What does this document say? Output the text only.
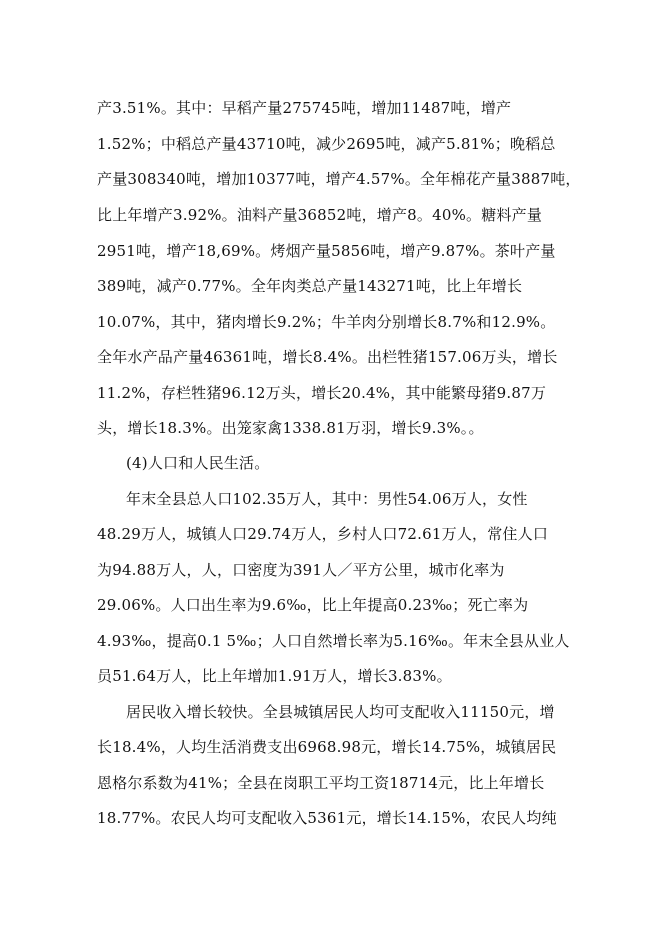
产3.51%。其中：早稻产量275745吨，增加11487吨，增产
1.52%；中稻总产量43710吨，减少2695吨，减产5.81%；晚稻总
产量308340吨，增加10377吨，增产4.57%。全年棉花产量3887吨，
比上年增产3.92%。油料产量36852吨，增产8。40%。糖料产量
2951吨，增产18,69%。烤烟产量5856吨，增产9.87%。茶叶产量
389吨，减产0.77%。全年肉类总产量143271吨，比上年增长
10.07%，其中，猪肉增长9.2%；牛羊肉分别增长8.7%和12.9%。
全年水产品产量46361吨，增长8.4%。出栏牲猪157.06万头，增长
11.2%，存栏牲猪96.12万头，增长20.4%，其中能繁母猪9.87万
头，增长18.3%。出笼家禽1338.81万羽，增长9.3%。。
(4)人口和人民生活。
年末全县总人口102.35万人，其中：男性54.06万人，女性
48.29万人，城镇人口29.74万人，乡村人口72.61万人，常住人口
为94.88万人，人，口密度为391人／平方公里，城市化率为
29.06%。人口出生率为9.6‰，比上年提高0.23‰；死亡率为
4.93‰，提高0.1 5‰；人口自然增长率为5.16‰。年末全县从业人
员51.64万人，比上年增加1.91万人，增长3.83%。
居民收入增长较快。全县城镇居民人均可支配收入11150元，增
长18.4%，人均生活消费支出6968.98元，增长14.75%，城镇居民
恩格尔系数为41%；全县在岗职工平均工资18714元，比上年增长
18.77%。农民人均可支配收入5361元，增长14.15%，农民人均纯
